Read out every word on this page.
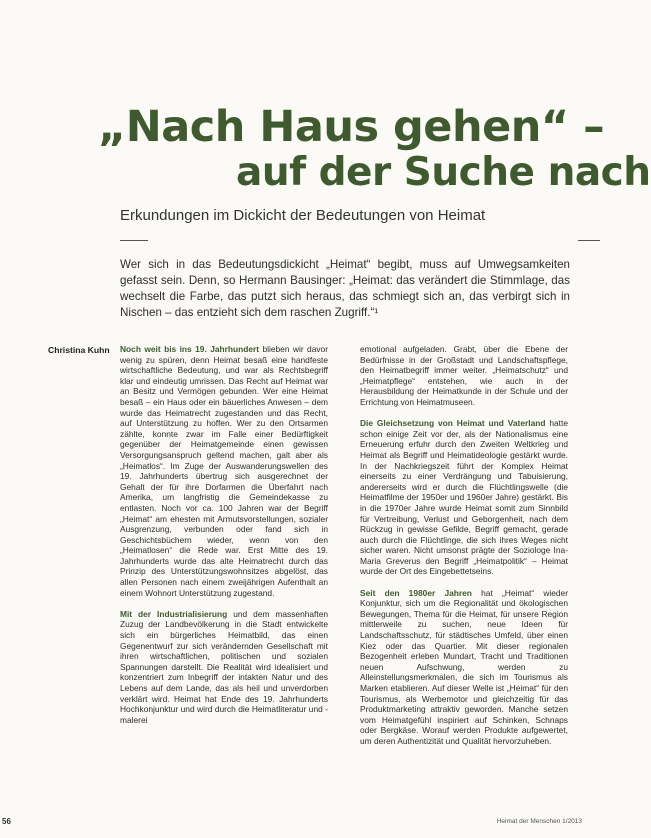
„Nach Haus gehen“ –
auf der Suche nach
Erkundungen im Dickicht der Bedeutungen von Heimat
Wer sich in das Bedeutungsdickicht „Heimat“ begibt, muss auf Umwegsamkeiten gefasst sein. Denn, so Hermann Bausinger: „Heimat: das verändert die Stimmlage, das wechselt die Farbe, das putzt sich heraus, das schmiegt sich an, das verbirgt sich in Nischen – das entzieht sich dem raschen Zugriff.“¹
Christina Kuhn Noch weit bis ins 19. Jahrhundert blieben wir davor wenig zu spüren, denn Heimat besaß eine handfeste wirtschaftliche Bedeutung, und war als Rechtsbegriff klar und eindeutig umrissen. Das Recht auf Heimat war an Besitz und Vermögen gebunden. Wer eine Heimat besaß – ein Haus oder ein bäuerliches Anwesen – dem wurde das Heimatrecht zugestanden und das Recht, auf Unterstützung zu hoffen. Wer zu den Ortsarmen zählte, konnte zwar im Falle einer Bedürftigkeit gegenüber der Heimatgemeinde einen gewissen Versorgungsanspruch geltend machen, galt aber als „Heimatlos“. Im Zuge der Auswanderungswellen des 19. Jahrhunderts übertrug sich ausgerechnet der Gehalt der für ihre Dorfarmen die Überfahrt nach Amerika, um langfristig die Gemeindekasse zu entlasten. Noch vor ca. 100 Jahren war der Begriff „Heimat“ am ehesten mit Armutsvorstellungen, sozialer Ausgrenzung, verbunden oder fand sich in Geschichtsbüchern wieder, wenn von den „Heimatlosen“ die Rede war. Erst Mitte des 19. Jahrhunderts wurde das alte Heimatrecht durch das Prinzip des Unterstützungswohnsitzes abgelöst, das allen Personen nach einem zweijährigen Aufenthalt an einem Wohnort Unterstützung zugestand.

Mit der Industrialisierung und dem massenhaften Zuzug der Landbevölkerung in die Stadt entwickelte sich ein bürgerliches Heimatbild, das einen Gegenentwurf zur sich verändernden Gesellschaft mit ihren wirtschaftlichen, politischen und sozialen Spannungen darstellt. Die Realität wird idealisiert und konzentriert zum Inbegriff der intakten Natur und des Lebens auf dem Lande, das als heil und unverdorben verklärt wird. Heimat hat Ende des 19. Jahrhunderts Hochkonjunktur und wird durch die Heimatliteratur und -malerei

emotional aufgeladen. Grabt, über die Ebene der Bedürfnisse in der Großstadt und Landschaftspflege, den Heimatbegriff immer weiter. „Heimatschutz“ und „Heimatpflege“ entstehen, wie auch in der Herausbildung der Heimatkunde in der Schule und der Errichtung von Heimatmuseen.

Die Gleichsetzung von Heimat und Vaterland hatte schon einige Zeit vor der, als der Nationalismus eine Erneuerung erfuhr durch den Zweiten Weltkrieg und Heimat als Begriff und Heimatideologie gestärkt wurde. In der Nachkriegszeit führt der Komplex Heimat einerseits zu einer Verdrängung und Tabuisierung, andererseits wird er durch die Flüchtlingswelle (die Heimatfilme der 1950er und 1960er Jahre) gestärkt. Bis in die 1970er Jahre wurde Heimat somit zum Sinnbild für Vertreibung, Verlust und Geborgenheit, nach dem Rückzug in gewisse Gefilde, Begriff gemacht, gerade auch durch die Flüchtlinge, die sich ihres Weges nicht sicher waren. Nicht umsonst prägte der Soziologe Ina-Maria Greverus den Begriff „Heimatpolitik“ – Heimat wurde der Ort des Eingebettetseins.

Seit den 1980er Jahren hat „Heimat“ wieder Konjunktur, sich um die Regionalität und ökologischen Bewegungen, Thema für die Heimat, für unsere Region mittlerweile zu suchen, neue Ideen für Landschaftsschutz, für städtisches Umfeld, über einen Kiez oder das Quartier. Mit dieser regionalen Bezogenheit erleben Mundart, Tracht und Traditionen neuen Aufschwung, werden zu Alleinstellungsmerkmalen, die sich im Tourismus als Marken etablieren. Auf dieser Welle ist „Heimat“ für den Tourismus, als Werbemotor und gleichzeitig für das Produktmarketing attraktiv geworden. Manche setzen vom Heimatgefühl inspiriert auf Schinken, Schnaps oder Bergkäse. Worauf werden Produkte aufgewertet, um deren Authentizität und Qualität hervorzuheben.

56	Heimat der Menschen 1/2013
